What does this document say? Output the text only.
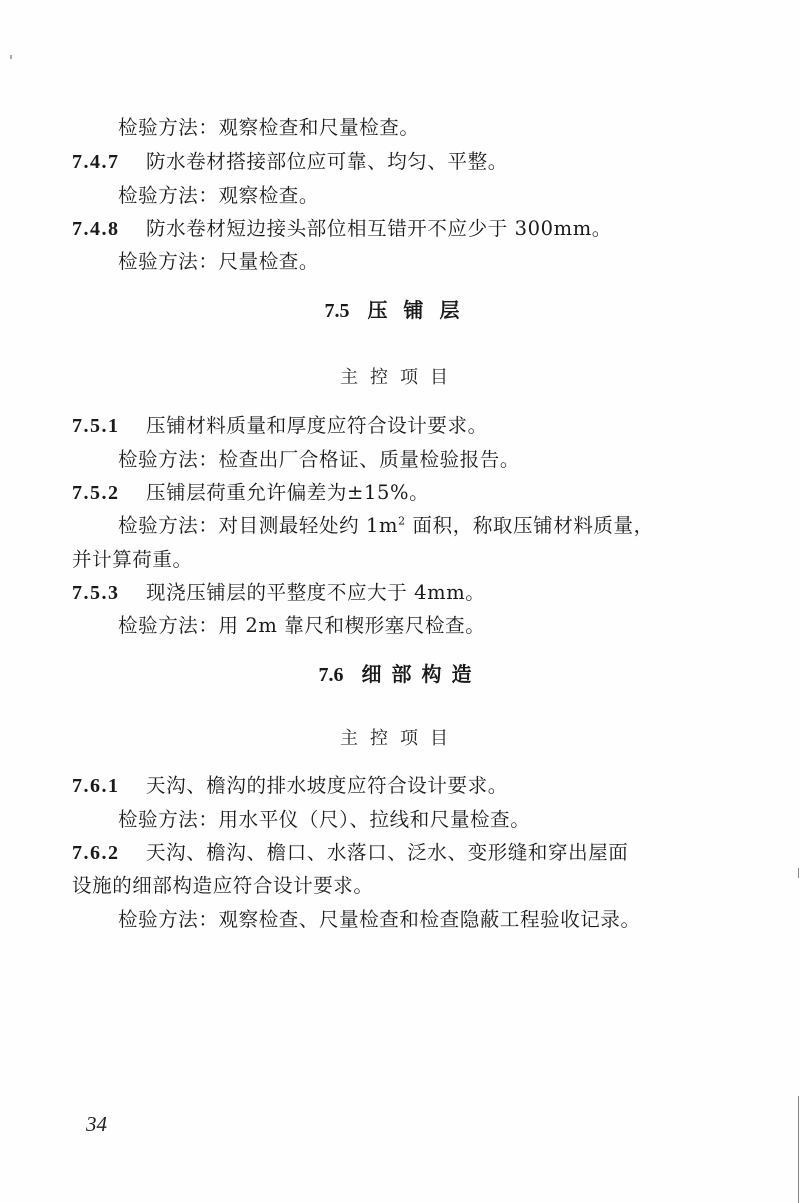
检验方法：观察检查和尺量检查。
7.4.7 防水卷材搭接部位应可靠、均匀、平整。
检验方法：观察检查。
7.4.8 防水卷材短边接头部位相互错开不应少于 300mm。
检验方法：尺量检查。
7.5 压铺层
主控项目
7.5.1 压铺材料质量和厚度应符合设计要求。
检验方法：检查出厂合格证、质量检验报告。
7.5.2 压铺层荷重允许偏差为±15%。
检验方法：对目测最轻处约 $1m^2$ 面积，称取压铺材料质量，
并计算荷重。
7.5.3 现浇压铺层的平整度不应大于 4mm。
检验方法：用 2m 靠尺和楔形塞尺检查。
7.6 细部构造
主控项目
7.6.1 天沟、檐沟的排水坡度应符合设计要求。
检验方法：用水平仪（尺）、拉线和尺量检查。
7.6.2 天沟、檐沟、檐口、水落口、泛水、变形缝和穿出屋面
设施的细部构造应符合设计要求。
检验方法：观察检查、尺量检查和检查隐蔽工程验收记录。
34
